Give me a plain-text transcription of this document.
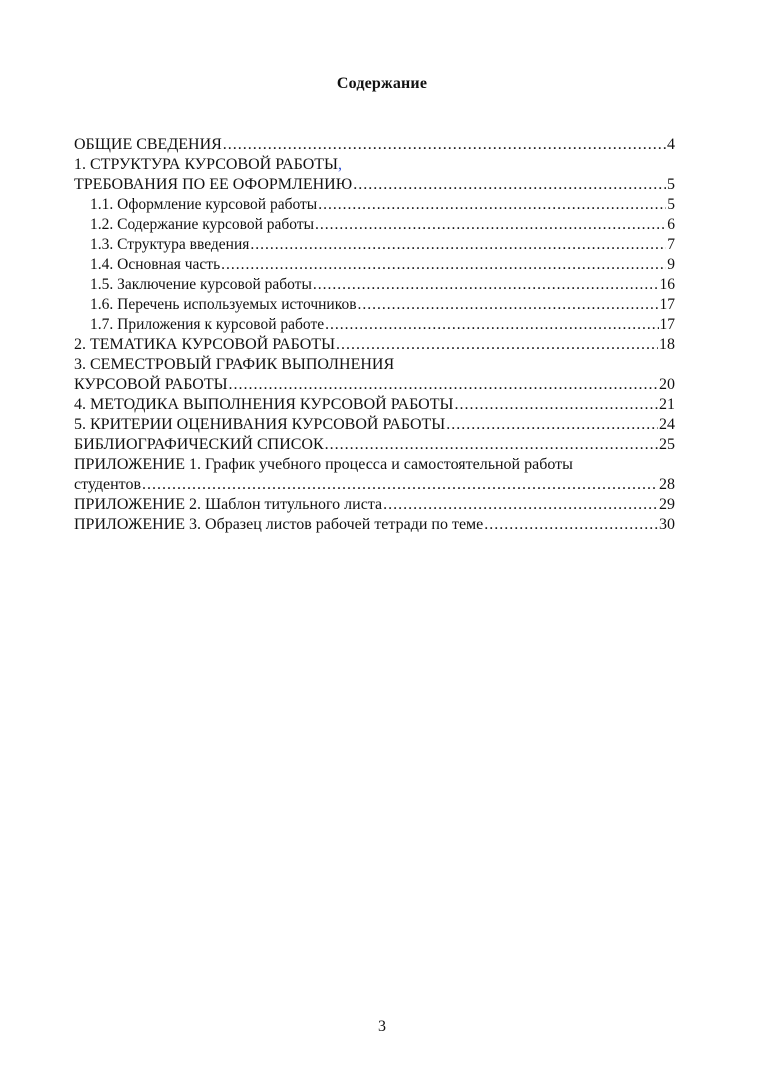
Содержание
ОБЩИЕ СВЕДЕНИЯ .....	4
1. СТРУКТУРА КУРСОВОЙ РАБОТЫ,
ТРЕБОВАНИЯ ПО ЕЕ ОФОРМЛЕНИЮ .....	5
1.1. Оформление курсовой работы .....	5
1.2. Содержание курсовой работы .....	6
1.3. Структура введения .....	7
1.4. Основная часть .....	9
1.5. Заключение курсовой работы .....	16
1.6. Перечень используемых источников .....	17
1.7. Приложения к курсовой работе .....	17
2. ТЕМАТИКА КУРСОВОЙ РАБОТЫ .....	18
3. СЕМЕСТРОВЫЙ ГРАФИК ВЫПОЛНЕНИЯ
КУРСОВОЙ РАБОТЫ .....	20
4. МЕТОДИКА ВЫПОЛНЕНИЯ КУРСОВОЙ РАБОТЫ .....	21
5. КРИТЕРИИ ОЦЕНИВАНИЯ КУРСОВОЙ РАБОТЫ .....	24
БИБЛИОГРАФИЧЕСКИЙ СПИСОК .....	25
ПРИЛОЖЕНИЕ 1. График учебного процесса и самостоятельной работы
студентов .....	28
ПРИЛОЖЕНИЕ 2. Шаблон титульного листа .....	29
ПРИЛОЖЕНИЕ 3. Образец листов рабочей тетради по теме .....	30
3
